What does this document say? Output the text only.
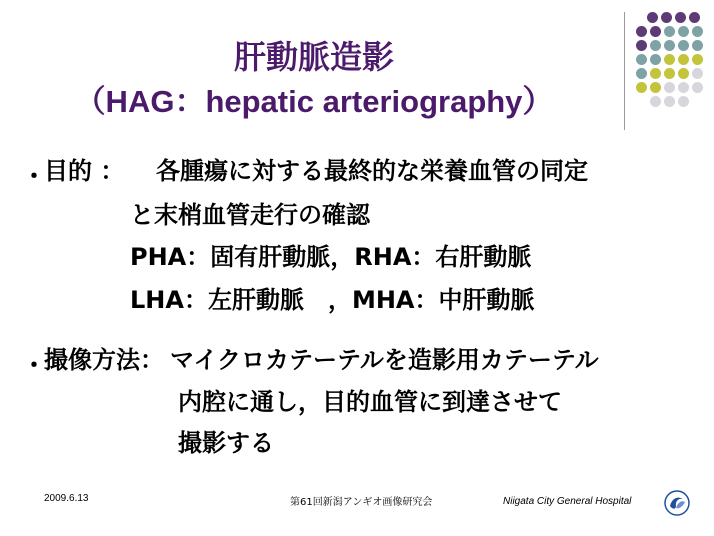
肝動脈造影
（HAG：hepatic arteriography）
・
目的 ： 各腫瘍に対する最終的な栄養血管の同定
と末梢血管走行の確認
PHA：固有肝動脈，RHA：右肝動脈
LHA：左肝動脈　，MHA：中肝動脈
・
撮像方法： マイクロカテーテルを造影用カテーテル
内腔に通し，目的血管に到達させて
撮影する
2009.6.13	第61回新潟アンギオ画像研究会	Niigata City General Hospital
